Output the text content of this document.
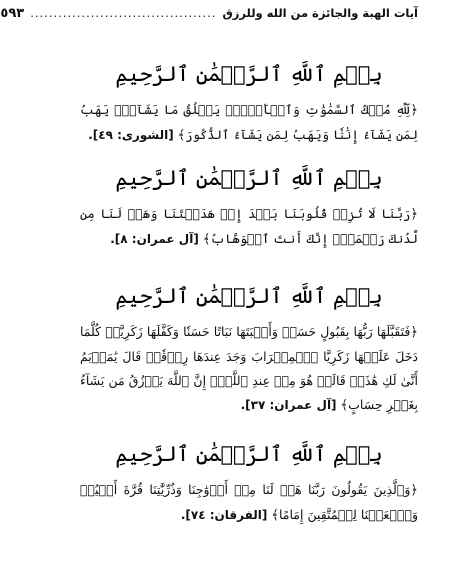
آيات الهبة والجائزة من الله وللرزق
........................................
٥٩٣
بِسۡمِ ٱللَّهِ ٱلرَّحۡمَٰنِ ٱلرَّحِيمِ

﴿لِّلَّهِ مُلۡكُ ٱلسَّمَٰوَٰتِ وَٱلۡأَرۡضِۚ يَخۡلُقُ مَا يَشَآءُۚ يَهَبُ لِمَن يَشَآءُ إِنَٰثٗا وَيَهَبُ لِمَن يَشَآءُ ٱلذُّكُورَ﴾ [الشورى: ٤٩].

بِسۡمِ ٱللَّهِ ٱلرَّحۡمَٰنِ ٱلرَّحِيمِ

﴿رَبَّنَا لَا تُزِغۡ قُلُوبَنَا بَعۡدَ إِذۡ هَدَيۡتَنَا وَهَبۡ لَنَا مِن لَّدُنكَ رَحۡمَةًۚ إِنَّكَ أَنتَ ٱلۡوَهَّابُ﴾ [آل عمران: ٨].

بِسۡمِ ٱللَّهِ ٱلرَّحۡمَٰنِ ٱلرَّحِيمِ

﴿فَتَقَبَّلَهَا رَبُّهَا بِقَبُولٍ حَسَنٖ وَأَنۢبَتَهَا نَبَاتًا حَسَنٗا وَكَفَّلَهَا زَكَرِيَّاۖ كُلَّمَا دَخَلَ عَلَيۡهَا زَكَرِيَّا ٱلۡمِحۡرَابَ وَجَدَ عِندَهَا رِزۡقٗاۖ قَالَ يَٰمَرۡيَمُ أَنَّىٰ لَكِ هَٰذَاۖ قَالَتۡ هُوَ مِنۡ عِندِ ٱللَّهِۖ إِنَّ ٱللَّهَ يَرۡزُقُ مَن يَشَآءُ بِغَيۡرِ حِسَابٍ﴾ [آل عمران: ٣٧].

بِسۡمِ ٱللَّهِ ٱلرَّحۡمَٰنِ ٱلرَّحِيمِ

﴿وَٱلَّذِينَ يَقُولُونَ رَبَّنَا هَبۡ لَنَا مِنۡ أَزۡوَٰجِنَا وَذُرِّيَّٰتِنَا قُرَّةَ أَعۡيُنٖ وَٱجۡعَلۡنَا لِلۡمُتَّقِينَ إِمَامًا﴾ [الفرقان: ٧٤].
